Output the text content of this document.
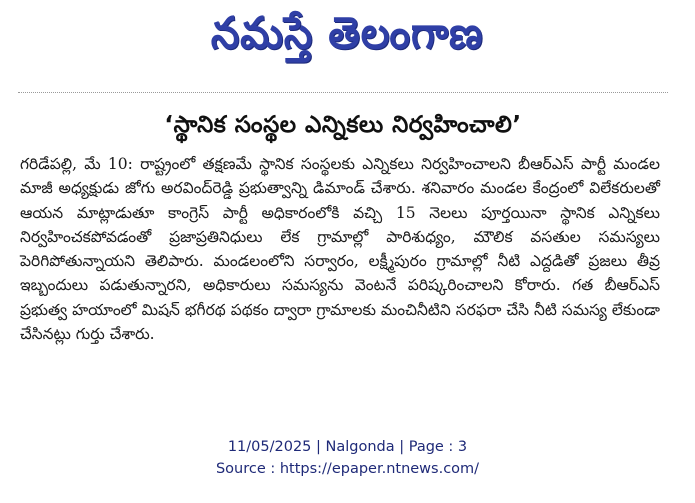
నమస్తే తెలంగాణ
‘స్థానిక సంస్థల ఎన్నికలు నిర్వహించాలి’
గరిడేపల్లి, మే 10: రాష్ట్రంలో తక్షణమే స్థానిక సంస్థలకు ఎన్నికలు నిర్వహించాలని బీఆర్‌ఎస్‌ పార్టీ మండల మాజీ అధ్యక్షుడు జోగు అరవింద్‌రెడ్డి ప్రభుత్వాన్ని డిమాండ్‌ చేశారు. శనివారం మండల కేంద్రంలో విలేకరులతో ఆయన మాట్లాడుతూ కాంగ్రెస్‌ పార్టీ అధికారంలోకి వచ్చి 15 నెలలు పూర్తయినా స్థానిక ఎన్నికలు నిర్వహించకపోవడంతో ప్రజాప్రతినిధులు లేక గ్రామాల్లో పారిశుధ్యం, మౌలిక వసతుల సమస్యలు పెరిగిపోతున్నాయని తెలిపారు. మండలంలోని సర్వారం, లక్ష్మీపురం గ్రామాల్లో నీటి ఎద్దడితో ప్రజలు తీవ్ర ఇబ్బందులు పడుతున్నారని, అధికారులు సమస్యను వెంటనే పరిష్కరించాలని కోరారు. గత బీఆర్‌ఎస్‌ ప్రభుత్వ హయాంలో మిషన్‌ భగీరథ పథకం ద్వారా గ్రామాలకు మంచినీటిని సరఫరా చేసి నీటి సమస్య లేకుండా చేసినట్లు గుర్తు చేశారు.
11/05/2025 | Nalgonda | Page : 3
Source : https://epaper.ntnews.com/
